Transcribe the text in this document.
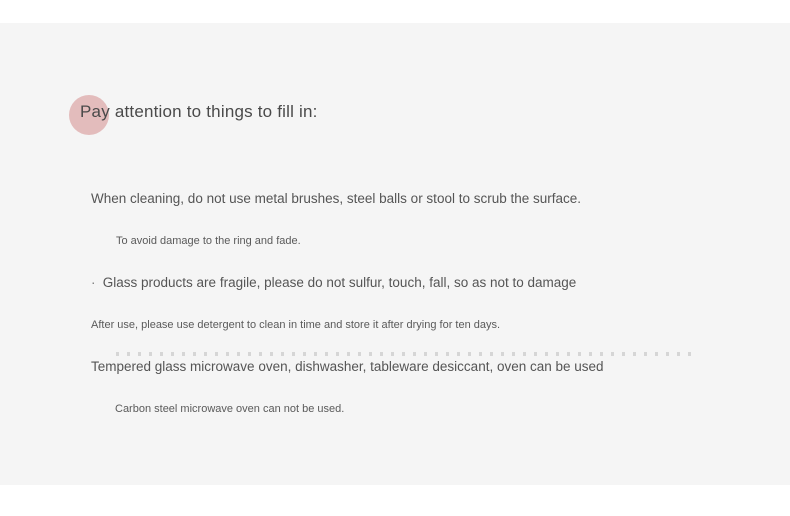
Pay attention to things to fill in:

When cleaning, do not use metal brushes, steel balls or stool to scrub the surface.

To avoid damage to the ring and fade.

· Glass products are fragile, please do not sulfur, touch, fall, so as not to damage

After use, please use detergent to clean in time and store it after drying for ten days.

Tempered glass microwave oven, dishwasher, tableware desiccant, oven can be used

Carbon steel microwave oven can not be used.
